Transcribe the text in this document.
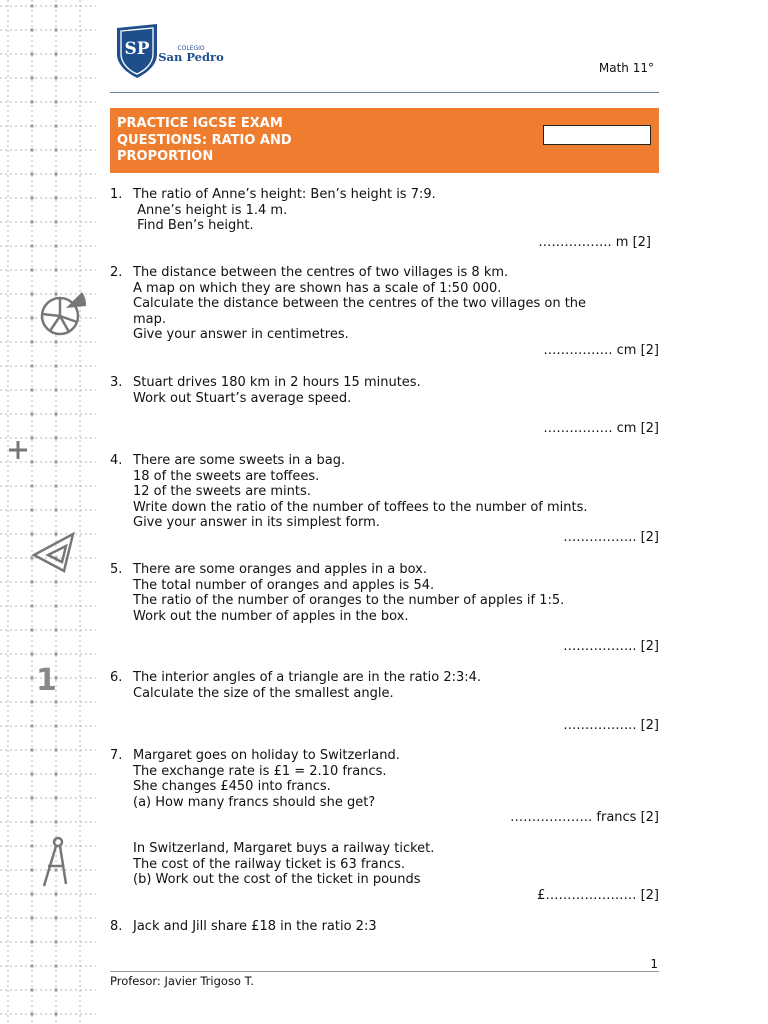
1
SP	COLEGIO
San Pedro
Math 11°
PRACTICE IGCSE EXAM
QUESTIONS: RATIO AND
PROPORTION
1. The ratio of Anne’s height: Ben’s height is 7:9.
Anne’s height is 1.4 m.
Find Ben’s height.
…………….. m [2]
2. The distance between the centres of two villages is 8 km.
A map on which they are shown has a scale of 1:50 000.
Calculate the distance between the centres of the two villages on the
map.
Give your answer in centimetres.
……………. cm [2]
3. Stuart drives 180 km in 2 hours 15 minutes.
Work out Stuart’s average speed.
……………. cm [2]
4. There are some sweets in a bag.
18 of the sweets are toffees.
12 of the sweets are mints.
Write down the ratio of the number of toffees to the number of mints.
Give your answer in its simplest form.
…………….. [2]
5. There are some oranges and apples in a box.
The total number of oranges and apples is 54.
The ratio of the number of oranges to the number of apples if 1:5.
Work out the number of apples in the box.
…………….. [2]
6. The interior angles of a triangle are in the ratio 2:3:4.
Calculate the size of the smallest angle.
…………….. [2]
7. Margaret goes on holiday to Switzerland.
The exchange rate is £1 = 2.10 francs.
She changes £450 into francs.
(a) How many francs should she get?
………………. francs [2]
In Switzerland, Margaret buys a railway ticket.
The cost of the railway ticket is 63 francs.
(b) Work out the cost of the ticket in pounds
£………………… [2]
8. Jack and Jill share £18 in the ratio 2:3
1
Profesor: Javier Trigoso T.
